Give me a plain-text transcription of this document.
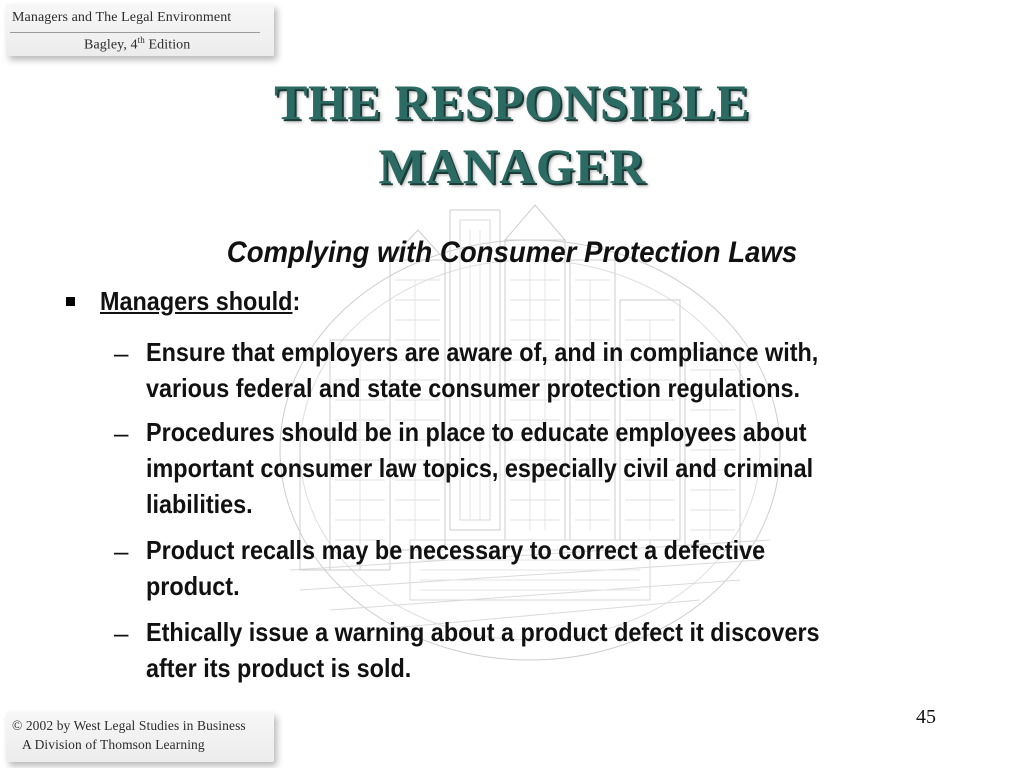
Managers and The Legal Environment
Bagley, 4th Edition
THE RESPONSIBLE
MANAGER
Complying with Consumer Protection Laws
Managers should:
– Ensure that employers are aware of, and in compliance with,
various federal and state consumer protection regulations.
– Procedures should be in place to educate employees about
important consumer law topics, especially civil and criminal
liabilities.
– Product recalls may be necessary to correct a defective
product.
– Ethically issue a warning about a product defect it discovers
after its product is sold.
45
© 2002 by West Legal Studies in Business
A Division of Thomson Learning
